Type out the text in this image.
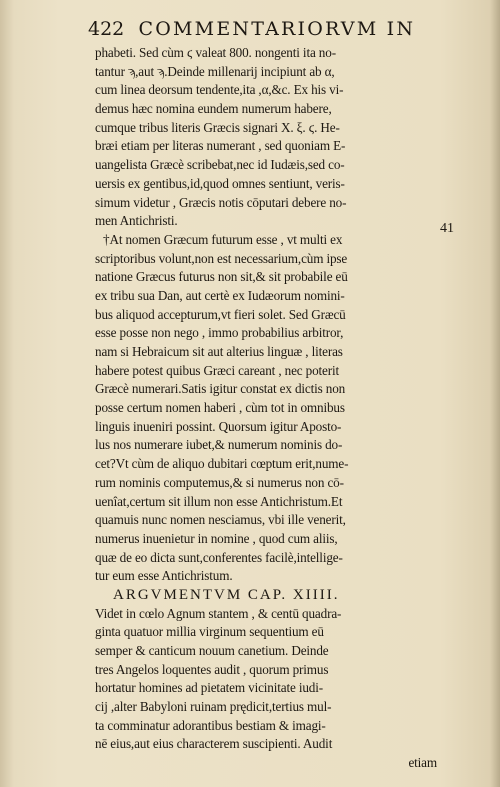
422 COMMENTARIORVM IN
41
phabeti. Sed cùm ϛ valeat 800. nongenti ita no-
tantur ϡ,aut ϡ.Deinde millenarij incipiunt ab α,
cum linea deorsum tendente,ita ,α,&c. Ex his vi-
demus hæc nomina eundem numerum habere,
cumque tribus literis Græcis signari X. ξ. ϛ. He-
bræi etiam per literas numerant , sed quoniam E-
uangelista Græcè scribebat,nec id Iudæis,sed co-
uersis ex gentibus,id,quod omnes sentiunt, veris-
simum videtur , Græcis notis cōputari debere no-
men Antichristi.
†At nomen Græcum futurum esse , vt multi ex
scriptoribus volunt,non est necessarium,cùm ipse
natione Græcus futurus non sit,& sit probabile eū
ex tribu sua Dan, aut certè ex Iudæorum nomini-
bus aliquod accepturum,vt fieri solet. Sed Græcū
esse posse non nego , immo probabilius arbitror,
nam si Hebraicum sit aut alterius linguæ , literas
habere potest quibus Græci careant , nec poterit
Græcè numerari.Satis igitur constat ex dictis non
posse certum nomen haberi , cùm tot in omnibus
linguis inueniri possint. Quorsum igitur Aposto-
lus nos numerare iubet,& numerum nominis do-
cet?Vt cùm de aliquo dubitari cœptum erit,nume-
rum nominis computemus,& si numerus non cō-
uenîat,certum sit illum non esse Antichristum.Et
quamuis nunc nomen nesciamus, vbi ille venerit,
numerus inuenietur in nomine , quod cum aliis,
quæ de eo dicta sunt,conferentes facilè,intellige-
tur eum esse Antichristum.
ARGVMENTVM CAP. XIIII.
Videt in cœlo Agnum stantem , & centū quadra-
ginta quatuor millia virginum sequentium eū
semper & canticum nouum canetium. Deinde
tres Angelos loquentes audit , quorum primus
hortatur homines ad pietatem vicinitate iudi-
cij ,alter Babyloni ruinam prędicit,tertius mul-
ta comminatur adorantibus bestiam & imagi-
nē eius,aut eius characterem suscipienti. Audit
etiam
